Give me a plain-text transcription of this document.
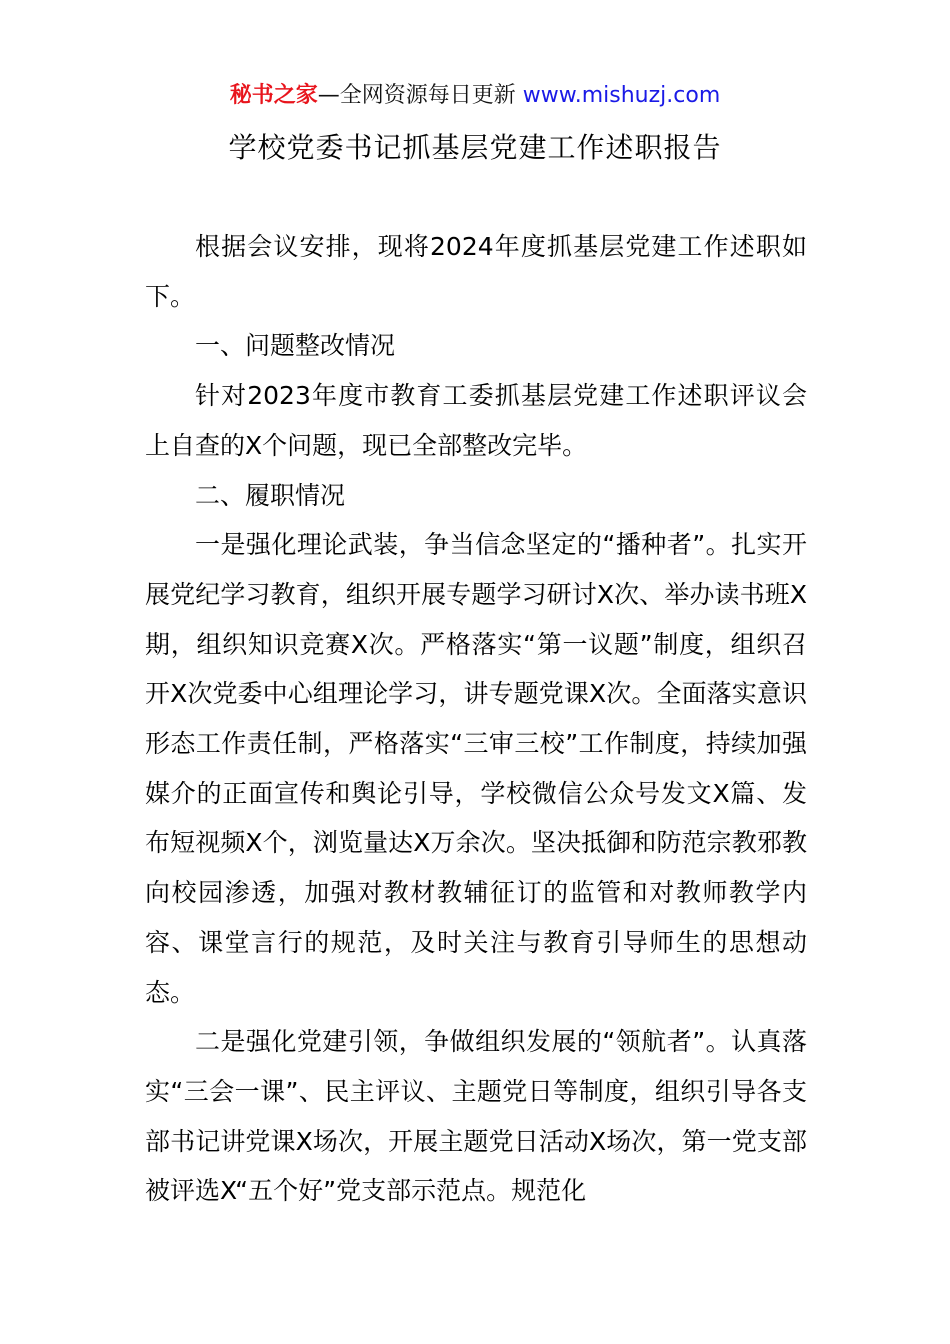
秘书之家—全网资源每日更新 www.mishuzj.com
学校党委书记抓基层党建工作述职报告

根据会议安排，现将2024年度抓基层党建工作述职如下。

一、问题整改情况

针对2023年度市教育工委抓基层党建工作述职评议会上自查的X个问题，现已全部整改完毕。

二、履职情况

一是强化理论武装，争当信念坚定的“播种者”。扎实开展党纪学习教育，组织开展专题学习研讨X次、举办读书班X期，组织知识竞赛X次。严格落实“第一议题”制度，组织召开X次党委中心组理论学习，讲专题党课X次。全面落实意识形态工作责任制，严格落实“三审三校”工作制度，持续加强媒介的正面宣传和舆论引导，学校微信公众号发文X篇、发布短视频X个，浏览量达X万余次。坚决抵御和防范宗教邪教向校园渗透，加强对教材教辅征订的监管和对教师教学内容、课堂言行的规范，及时关注与教育引导师生的思想动态。

二是强化党建引领，争做组织发展的“领航者”。认真落实“三会一课”、民主评议、主题党日等制度，组织引导各支部书记讲党课X场次，开展主题党日活动X场次，第一党支部被评选X“五个好”党支部示范点。规范化
